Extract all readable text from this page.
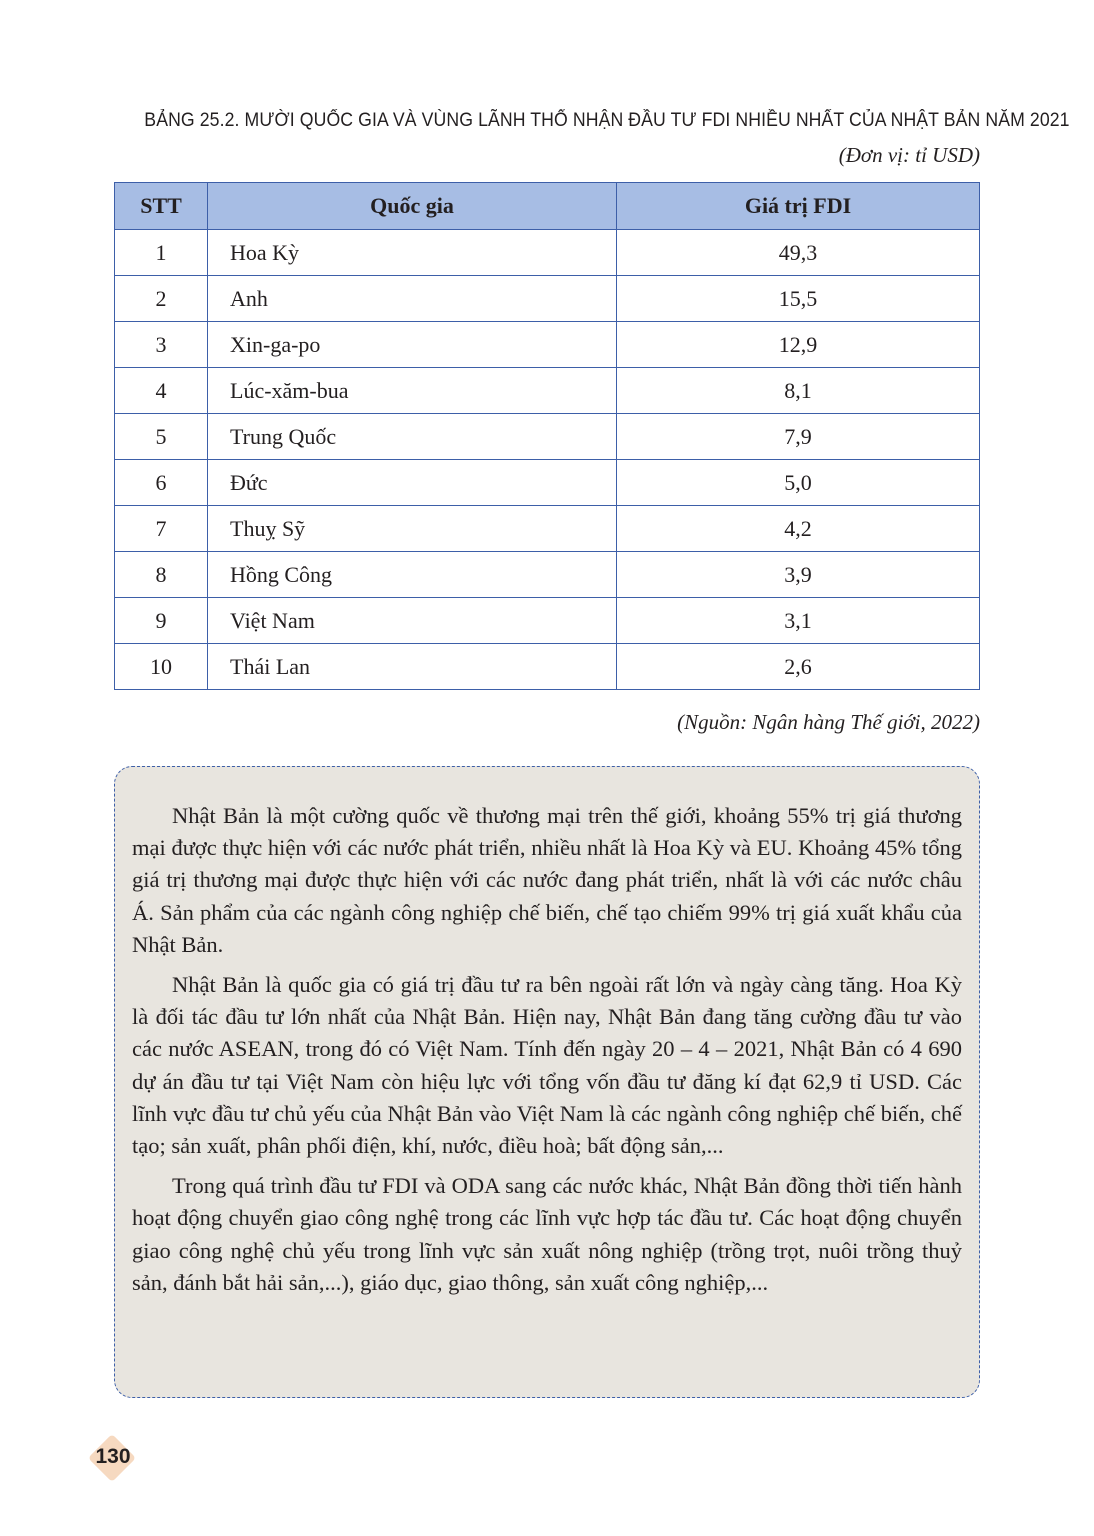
BẢNG 25.2. MƯỜI QUỐC GIA VÀ VÙNG LÃNH THỔ NHẬN ĐẦU TƯ FDI NHIỀU NHẤT CỦA NHẬT BẢN NĂM 2021
(Đơn vị: tỉ USD)
STT	Quốc gia	Giá trị FDI
1	Hoa Kỳ	49,3
2	Anh	15,5
3	Xin-ga-po	12,9
4	Lúc-xăm-bua	8,1
5	Trung Quốc	7,9
6	Đức	5,0
7	Thuỵ Sỹ	4,2
8	Hồng Công	3,9
9	Việt Nam	3,1
10	Thái Lan	2,6
(Nguồn: Ngân hàng Thế giới, 2022)

Nhật Bản là một cường quốc về thương mại trên thế giới, khoảng 55% trị giá thương mại được thực hiện với các nước phát triển, nhiều nhất là Hoa Kỳ và EU. Khoảng 45% tổng giá trị thương mại được thực hiện với các nước đang phát triển, nhất là với các nước châu Á. Sản phẩm của các ngành công nghiệp chế biến, chế tạo chiếm 99% trị giá xuất khẩu của Nhật Bản.

Nhật Bản là quốc gia có giá trị đầu tư ra bên ngoài rất lớn và ngày càng tăng. Hoa Kỳ là đối tác đầu tư lớn nhất của Nhật Bản. Hiện nay, Nhật Bản đang tăng cường đầu tư vào các nước ASEAN, trong đó có Việt Nam. Tính đến ngày 20 – 4 – 2021, Nhật Bản có 4 690 dự án đầu tư tại Việt Nam còn hiệu lực với tổng vốn đầu tư đăng kí đạt 62,9 tỉ USD. Các lĩnh vực đầu tư chủ yếu của Nhật Bản vào Việt Nam là các ngành công nghiệp chế biến, chế tạo; sản xuất, phân phối điện, khí, nước, điều hoà; bất động sản,...

Trong quá trình đầu tư FDI và ODA sang các nước khác, Nhật Bản đồng thời tiến hành hoạt động chuyển giao công nghệ trong các lĩnh vực hợp tác đầu tư. Các hoạt động chuyển giao công nghệ chủ yếu trong lĩnh vực sản xuất nông nghiệp (trồng trọt, nuôi trồng thuỷ sản, đánh bắt hải sản,...), giáo dục, giao thông, sản xuất công nghiệp,...

130
